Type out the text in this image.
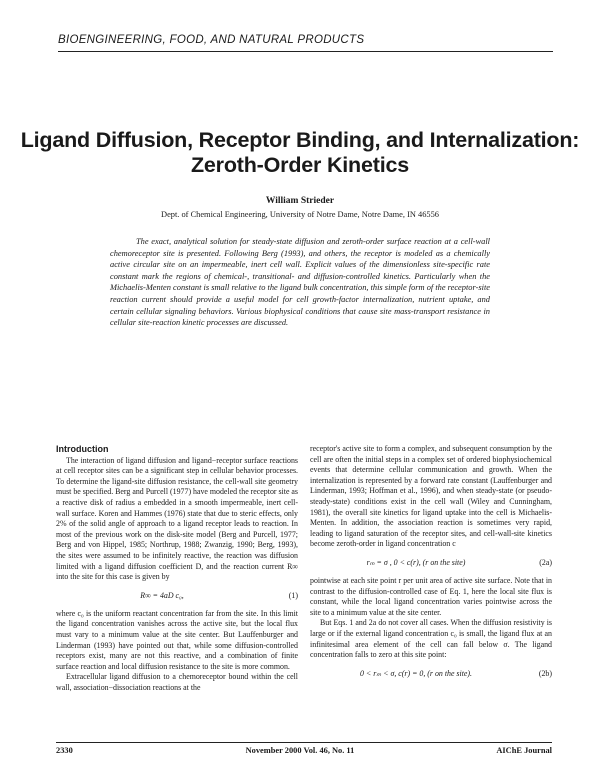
BIOENGINEERING, FOOD, AND NATURAL PRODUCTS
Ligand Diffusion, Receptor Binding, and Internalization:
Zeroth-Order Kinetics
William Strieder
Dept. of Chemical Engineering, University of Notre Dame, Notre Dame, IN 46556

The exact, analytical solution for steady-state diffusion and zeroth-order surface reaction at a cell-wall chemoreceptor site is presented. Following Berg (1993), and others, the receptor is modeled as a chemically active circular site on an impermeable, inert cell wall. Explicit values of the dimensionless site-specific rate constant mark the regions of chemical-, transitional- and diffusion-controlled kinetics. Particularly when the Michaelis-Menten constant is small relative to the ligand bulk concentration, this simple form of the receptor-site reaction current should provide a useful model for cell growth-factor internalization, nutrient uptake, and certain cellular signaling behaviors. Various biophysical conditions that cause site mass-transport resistance in cellular site-reaction kinetic processes are discussed.

Introduction

The interaction of ligand diffusion and ligand−receptor surface reactions at cell receptor sites can be a significant step in cellular behavior processes. To determine the ligand-site diffusion resistance, the cell-wall site geometry must be specified. Berg and Purcell (1977) have modeled the receptor site as a reactive disk of radius a embedded in a smooth impermeable, inert cell-wall surface. Koren and Hammes (1976) state that due to steric effects, only 2% of the solid angle of approach to a ligand receptor leads to reaction. In most of the previous work on the disk-site model (Berg and Purcell, 1977; Berg and von Hippel, 1985; Northrup, 1988; Zwanzig, 1990; Berg, 1993), the sites were assumed to be infinitely reactive, the reaction was diffusion limited with a ligand diffusion coefficient D, and the reaction current R∞ into the site for this case is given by

R∞ = 4aD c₀,	(1)

where c₀ is the uniform reactant concentration far from the site. In this limit the ligand concentration vanishes across the active site, but the local flux must vary to a minimum value at the site center. But Lauffenburger and Linderman (1993) have pointed out that, while some diffusion-controlled receptors exist, many are not this reactive, and a combination of finite surface reaction and local diffusion resistance to the site is more common.

Extracellular ligand diffusion to a chemoreceptor bound within the cell wall, association−dissociation reactions at the

receptor's active site to form a complex, and subsequent consumption by the cell are often the initial steps in a complex set of ordered biophysiochemical events that determine cellular communication and growth. When the internalization is represented by a forward rate constant (Lauffenburger and Linderman, 1993; Hoffman et al., 1996), and when steady-state (or pseudo-steady-state) conditions exist in the cell wall (Wiley and Cunningham, 1981), the overall site kinetics for ligand uptake into the cell is Michaelis-Menten. In addition, the association reaction is sometimes very rapid, leading to ligand saturation of the receptor sites, and cell-wall-site kinetics become zeroth-order in ligand concentration c

rₘ = σ , 0 < c(r), (r on the site)	(2a)

pointwise at each site point r per unit area of active site surface. Note that in contrast to the diffusion-controlled case of Eq. 1, here the local site flux is constant, while the local ligand concentration varies pointwise across the site to a minimum value at the site center.

But Eqs. 1 and 2a do not cover all cases. When the diffusion resistivity is large or if the external ligand concentration c₀ is small, the ligand flux at an infinitesimal area element of the cell can fall below σ. The ligand concentration falls to zero at this site point:

0 < rₘ < σ, c(r) = 0, (r on the site).	(2b)
2330	November 2000 Vol. 46, No. 11	AIChE Journal
